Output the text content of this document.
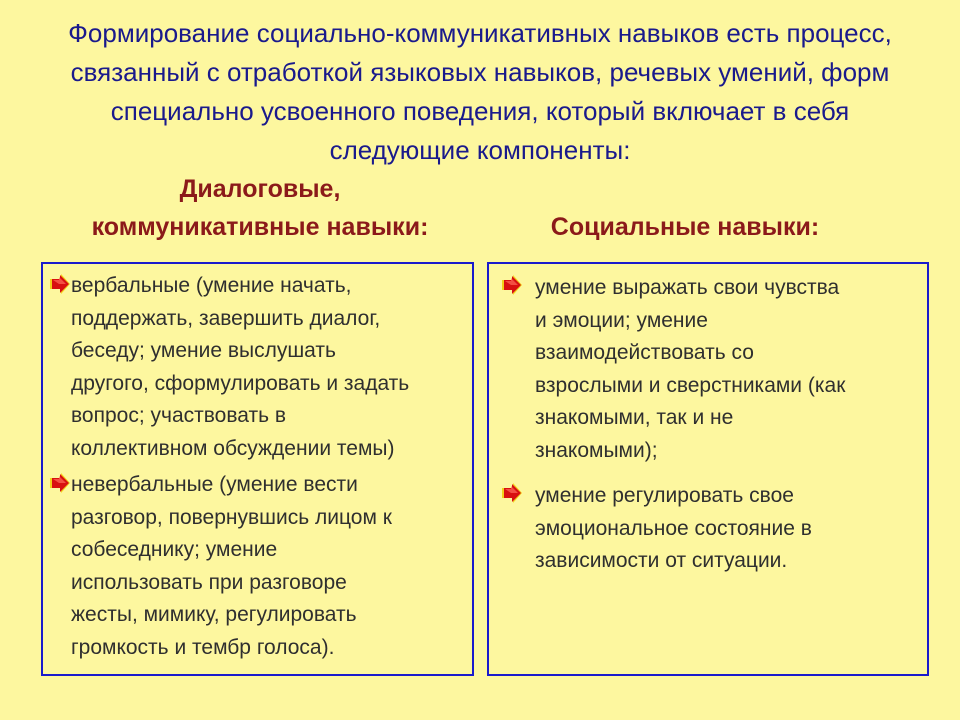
Формирование социально-коммуникативных навыков есть процесс,
связанный с отработкой языковых навыков, речевых умений, форм
специально усвоенного поведения, который включает в себя
следующие компоненты:
Диалоговые,
коммуникативные навыки:	Социальные навыки:
вербальные (умение начать,
поддержать, завершить диалог,
беседу; умение выслушать
другого, сформулировать и задать
вопрос; участвовать в
коллективном обсуждении темы)
невербальные (умение вести
разговор, повернувшись лицом к
собеседнику; умение
использовать при разговоре
жесты, мимику, регулировать
громкость и тембр голоса).
умение выражать свои чувства
и эмоции; умение
взаимодействовать со
взрослыми и сверстниками (как
знакомыми, так и не
знакомыми);
умение регулировать свое
эмоциональное состояние в
зависимости от ситуации.
